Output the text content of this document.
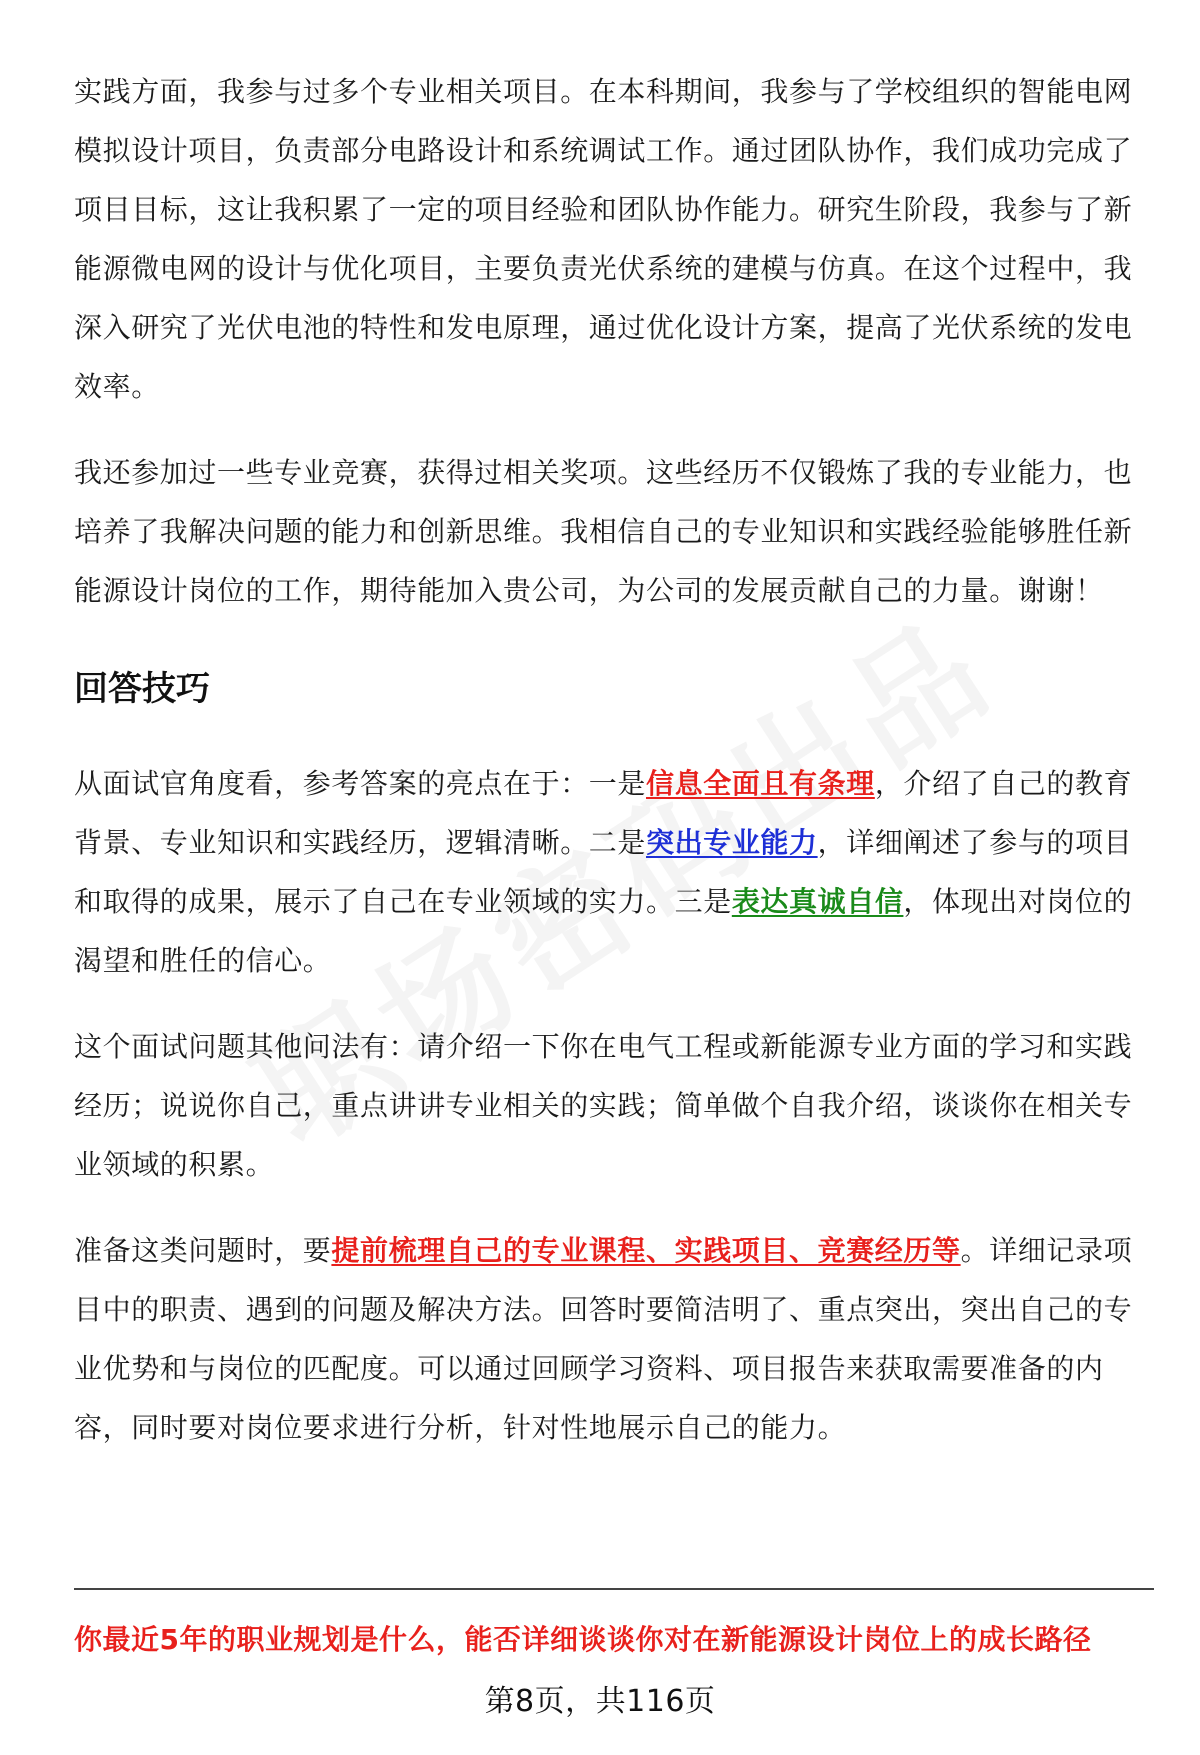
实践方面，我参与过多个专业相关项目。在本科期间，我参与了学校组织的智能电网模拟设计项目，负责部分电路设计和系统调试工作。通过团队协作，我们成功完成了项目目标，这让我积累了一定的项目经验和团队协作能力。研究生阶段，我参与了新能源微电网的设计与优化项目，主要负责光伏系统的建模与仿真。在这个过程中，我深入研究了光伏电池的特性和发电原理，通过优化设计方案，提高了光伏系统的发电效率。

我还参加过一些专业竞赛，获得过相关奖项。这些经历不仅锻炼了我的专业能力，也培养了我解决问题的能力和创新思维。我相信自己的专业知识和实践经验能够胜任新能源设计岗位的工作，期待能加入贵公司，为公司的发展贡献自己的力量。谢谢！

回答技巧

从面试官角度看，参考答案的亮点在于：一是信息全面且有条理，介绍了自己的教育背景、专业知识和实践经历，逻辑清晰。二是突出专业能力，详细阐述了参与的项目和取得的成果，展示了自己在专业领域的实力。三是表达真诚自信，体现出对岗位的渴望和胜任的信心。

这个面试问题其他问法有：请介绍一下你在电气工程或新能源专业方面的学习和实践经历；说说你自己，重点讲讲专业相关的实践；简单做个自我介绍，谈谈你在相关专业领域的积累。

准备这类问题时，要提前梳理自己的专业课程、实践项目、竞赛经历等。详细记录项目中的职责、遇到的问题及解决方法。回答时要简洁明了、重点突出，突出自己的专业优势和与岗位的匹配度。可以通过回顾学习资料、项目报告来获取需要准备的内容，同时要对岗位要求进行分析，针对性地展示自己的能力。

你最近5年的职业规划是什么，能否详细谈谈你对在新能源设计岗位上的成长路径
第8页，共116页
